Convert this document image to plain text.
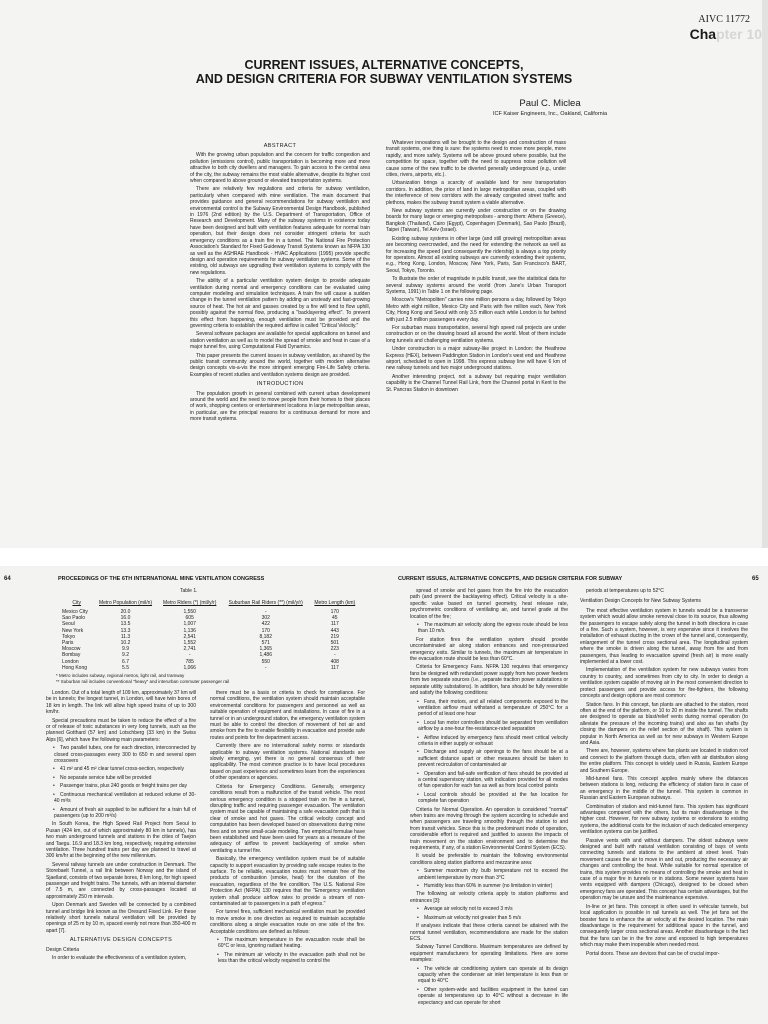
AIVC 11772
Chapter 10
CURRENT ISSUES, ALTERNATIVE CONCEPTS,
AND DESIGN CRITERIA FOR SUBWAY VENTILATION SYSTEMS
Paul C. Miclea
ICF Kaiser Engineers, Inc., Oakland, California
ABSTRACT

With the growing urban population and the concern for traffic congestion and pollution (emissions control), public transportation is becoming more and more attractive to both city dwellers and managers. To gain access to the central area of the city, the subway remains the most viable alternative, despite its higher cost when compared to above ground or elevated transportation systems.

There are relatively few regulations and criteria for subway ventilation, particularly when compared with mine ventilation. The main document that provides guidance and general recommendations for subway ventilation and environmental control is the Subway Environmental Design Handbook, published in 1976 (2nd edition) by the U.S. Department of Transportation, Office of Research and Development. Many of the subway systems in existence today have been designed and built with ventilation features adequate for normal train operation, but their design does not consider stringent criteria for such emergency conditions as a train fire in a tunnel. The National Fire Protection Association's Standard for Fixed Guideway Transit Systems known as NFPA 130 as well as the ASHRAE Handbook - HVAC Applications (1995) provide specific design and operation requirements for subway ventilation systems. Some of the existing, old subways are upgrading their ventilation systems to comply with the new regulations.

The ability of a particular ventilation system design to provide adequate ventilation during normal and emergency conditions can be evaluated using computer modeling and simulation techniques. A train fire will cause a sudden change in the tunnel ventilation pattern by adding an unsteady and fast-growing source of heat. The hot air and gasses created by a fire will tend to flow uphill, possibly against the normal flow, producing a "backlayering effect". To prevent this effect from happening, enough ventilation must be provided and the governing criteria to establish the required airflow is called "Critical Velocity."

Several software packages are available for special applications on tunnel and station ventilation as well as to model the spread of smoke and heat in case of a major tunnel fire, using Computational Fluid Dynamics.

This paper presents the current issues in subway ventilation, as shared by the public transit community around the world, together with modern alternative design concepts vis-a-vis the more stringent emerging Fire-Life Safety criteria. Examples of recent studies and ventilation systems design are provided.

INTRODUCTION

The population growth in general combined with current urban development around the world and the need to move people from their homes to their places of work, shopping centers or entertainment locations in large metropolitan areas, in particular, are the principal reasons for a continuous demand for more and more transit systems.

Whatever innovations will be brought to the design and construction of mass transit systems, one thing is sure: the systems need to move more people, more rapidly, and more safely. Systems will be above ground where possible, but the competition for space, together with the need to suppress noise pollution will cause some of the new traffic to be diverted generally underground (e.g., under cities, rivers, airports, etc.).

Urbanization brings a scarcity of available land for new transportation corridors. In addition, the price of land in large metropolitan areas, coupled with the interference of new corridors with the already congested street traffic and plethora, makes the subway transit system a viable alternative.

New subway systems are currently under construction or on the drawing boards for many large or emerging metropolises - among them: Athens (Greece), Bangkok (Thailand), Cairo (Egypt), Copenhagen (Denmark), Sao Paolo (Brazil), Taipei (Taiwan), Tel Aviv (Israel).

Existing subway systems in other large (and still growing) metropolitan areas are becoming overcrowded, and the need for extending the network as well as for increasing the speed (and consequently the ridership) is always a top priority for operators. Almost all existing subways are currently extending their systems, e.g., Hong Kong, London, Moscow, New York, Paris, San Francisco's BART, Seoul, Tokyo, Toronto.

To illustrate the order of magnitude in public transit, see the statistical data for several subway systems around the world (from Jane's Urban Transport Systems, 1991) in Table 1 on the following page.

Moscow's "Metropoliten" carries nine million persons a day, followed by Tokyo Metro with eight million, Mexico City and Paris with five million each, New York City, Hong Kong and Seoul with only 3.5 million each while London is far behind with just 2.5 million passengers every day.

For suburban mass transportation, several high speed rail projects are under construction or on the drawing board all around the world. Most of them include long tunnels and challenging ventilation systems.

Under construction is a major subway-like project in London: the Heathrow Express (HEX), between Paddington Station in London's west end and Heathrow airport, scheduled to open in 1998. This express subway line will have 6 km of new railway tunnels and two major underground stations.

Another interesting project, not a subway but requiring major ventilation capability is the Channel Tunnel Rail Link, from the Channel portal in Kent to the St. Pancras Station in downtown

64	PROCEEDINGS OF THE 6TH INTERNATIONAL MINE VENTILATION CONGRESS
Table 1.
City	Metro Population (mil/n)	Metro Riders (*) (mil/y/r)	Suburban Rail Riders (**) (mil/y/r)	Metro Length (km)
Mexico City	20.0	1,550	-	170
Sao Paolo	16.0	605	302	45
Seoul	13.5	1,007	422	117
New York	13.3	1,136	170	443
Tokyo	11.3	2,541	8,182	219
Paris	10.2	1,552	571	501
Moscow	9.9	2,741	1,365	223
Bombay	9.2	-	1,486	-
London	6.7	785	550	408
Hong Kong	5.5	1,066	-	117
* Metro includes subway, regional metros, light rail, and tramway
** Suburban rail includes conventional "heavy" and interurban commuter passenger rail

London. Out of a total length of 109 km, approximately 37 km will be in tunnels; the longest tunnel, in London, will have twin bores of 18 km in length. The link will allow high speed trains of up to 300 km/hr.

Special precautions must be taken to reduce the effect of a fire or of release of toxic substances in very long tunnels, such as the planned Gotthard (57 km) and Lotschberg (33 km) in the Swiss Alps [6], which have the following main parameters:

• Two parallel tubes, one for each direction, interconnected by closed cross-passages every 300 to 650 m and several open crossovers

• 41 m² and 45 m² clear tunnel cross-section, respectively

• No separate service tube will be provided

• Passenger trains, plus 240 goods or freight trains per day

• Continuous mechanical ventilation at reduced volume of 30-40 m³/s

• Amount of fresh air supplied to be sufficient for a train full of passengers (up to 200 m³/s)

In South Korea, the High Speed Rail Project from Seoul to Pusan (424 km, out of which approximately 80 km in tunnels), has two main underground tunnels and stations in the cities of Taejon and Taegu. 16.9 and 18.3 km long, respectively, requiring extensive ventilation. Three hundred trains per day are planned to travel at 300 km/hr at the beginning of the new millennium.

Several railway tunnels are under construction in Denmark. The Storebaelt Tunnel, a rail link between Norway and the island of Sjaelland, consists of two separate bores, 8 km long, for high speed passenger and freight trains. The tunnels, with an internal diameter of 7.5 m, are connected by cross-passages located at approximately 250 m intervals.

Upon Denmark and Sweden will be connected by a combined tunnel and bridge link known as the Oresund Fixed Link. For these relatively short tunnels natural ventilation will be provided by openings of 25 m by 10 m, spaced evenly not more than 350-400 m apart [7].

ALTERNATIVE DESIGN CONCEPTS
Design Criteria

In order to evaluate the effectiveness of a ventilation system,

there must be a basis or criteria to check for compliance. For normal conditions, the ventilation system should maintain acceptable environmental conditions for passengers and personnel as well as suitable operation of equipment and installations. In case of fire in a tunnel or in an underground station, the emergency ventilation system must be able to control the direction of movement of hot air and smoke from the fire to enable flexibility in evacuation and provide safe routes and points for fire department access.

Currently there are no international safety norms or standards applicable to subway ventilation systems. National standards are slowly emerging, yet there is no general consensus of their applicability. The most common practice is to have local procedures based on past experience and sometimes learn from the experiences of other operators or agencies.

Criteria for Emergency Conditions. Generally, emergency conditions result from a malfunction of the transit vehicle. The most serious emergency condition is a stopped train on fire in a tunnel, disrupting traffic and requiring passenger evacuation. The ventilation system must be capable of maintaining a safe evacuation path that is clear of smoke and hot gases. The critical velocity concept and computation has been developed based on observations during mine fires and on some small-scale modeling. Two empirical formulae have been established and have been used for years as a measure of the adequacy of airflow to prevent backlayering of smoke when ventilating a tunnel fire.

Basically, the emergency ventilation system must be of suitable capacity to support evacuation by providing safe escape routes to the surface. To be reliable, evacuation routes must remain free of fire products of combustion (smoke, heat) for the duration of the evacuation, regardless of the fire condition. The U.S. National Fire Protection Act (NFPA) 130 requires that the "Emergency ventilation system shall produce airflow rates to provide a stream of non-contaminated air to passengers in a path of egress."

For tunnel fires, sufficient mechanical ventilation must be provided to move smoke in one direction as required to maintain acceptable conditions along a single evacuation route on one side of the fire. Acceptable conditions are defined as follows:

• The maximum temperature in the evacuation route shall be 60°C or less, ignoring radiant heating.

• The minimum air velocity in the evacuation path shall not be less than the critical velocity required to control the

CURRENT ISSUES, ALTERNATIVE CONCEPTS, AND DESIGN CRITERIA FOR SUBWAY	65

spread of smoke and hot gases from the fire into the evacuation path (and prevent the backlayering effect). Critical velocity is a site-specific value based on tunnel geometry, heat release rate, psychrometric conditions of ventilating air, and tunnel grade at the location of the fire;

• The maximum air velocity along the egress route should be less than 10 m/s.

For station fires the ventilation system should provide uncontaminated air along station entrances and non-pressurized emergency exits. Similar to tunnels, the maximum air temperature in the evacuation route should be less than 60°C.

Criteria for Emergency Fans. NFPA 130 requires that emergency fans be designed with redundant power supply from two power feeders from two separate sources (i.e., separate traction power substations or separate utility substations). In addition, fans should be fully reversible and satisfy the following conditions:

• Fans, their motors, and all related components exposed to the ventilation airflow must withstand a temperature of 250°C for a period of at least one hour

• Local fan motor controllers should be separated from ventilation airflow by a one-hour fire-resistance-rated separation

• Airflow induced by emergency fans should meet critical velocity criteria in either supply or exhaust

• Discharge and supply air openings to the fans should be at a sufficient distance apart or other measures should be taken to prevent recirculation of contaminated air

• Operation and fail-safe verification of fans should be provided at a central supervisory station, with indication provided for all modes of fan operation for each fan as well as from local control points

• Local controls should be provided at the fan location for complete fan operation

Criteria for Normal Operation. An operation is considered "normal" when trains are moving through the system according to schedule and when passengers are traveling smoothly through the station to and from transit vehicles. Since this is the predominant mode of operation, considerable effort is required and justified to assess the impacts of train movement on the station environment and to determine the requirements, if any, of a station Environmental Control System (ECS).

It would be preferable to maintain the following environmental conditions along station platforms and mezzanine area:

• Summer maximum dry bulb temperature not to exceed the ambient temperature by more than 3°C

• Humidity less than 60% in summer (no limitation in winter)

The following air velocity criteria apply to station platforms and entrances [3]:

• Average air velocity not to exceed 3 m/s

• Maximum air velocity not greater than 5 m/s

If analyses indicate that these criteria cannot be attained with the normal tunnel ventilation, recommendations are made for the station ECS.

Subway Tunnel Conditions. Maximum temperatures are defined by equipment manufacturers for operating limitations. Here are some examples:

• The vehicle air conditioning system can operate at its design capacity when the condenser air inlet temperature is less than or equal to 40°C

• Other system-wide and facilities equipment in the tunnel can operate at temperatures up to 40°C without a decrease in life expectancy and can operate for short

periods at temperatures up to 52°C

Ventilation Design Concepts for New Subway Systems

The most effective ventilation system in tunnels would be a transverse system which would allow smoke removal close to its source, thus allowing the passengers to escape safely along the tunnel in both directions in case of a fire. Such a system, however, is very expensive since it involves the installation of exhaust ducting in the crown of the tunnel and, consequently, enlargement of the tunnel cross sectional area. The longitudinal system where the smoke is driven along the tunnel, away from fire and from passengers, thus leading to evacuation upwind (fresh air) is more easily implemented at a lower cost.

Implementation of the ventilation system for new subways varies from country to country, and sometimes from city to city. In order to design a ventilation system capable of moving air in the most convenient direction to protect passengers and provide access for fire-fighters, the following concepts and design options are most common:

Station fans. In this concept, fan plants are attached to the station, most often at the end of the platform, or 10 to 20 m inside the tunnel. The shafts are designed to operate as blast/relief vents during normal operation (to alleviate the pressure of the incoming trains) and also as fan shafts (by closing the dampers on the relief section of the shaft). This system is popular in North America as well as for new subways in Western Europe and Asia.

There are, however, systems where fan plants are located in station roof and connect to the platform through ducts, often with air distribution along the entire platform. This concept is widely used in Russia, Eastern Europe and Southern Europe.

Mid-tunnel fans. This concept applies mainly where the distances between stations is long, reducing the efficiency of station fans in case of an emergency in the middle of the tunnel. This system is common in Russian and Eastern European subways.

Combination of station and mid-tunnel fans. This system has significant advantages compared with the others, but its main disadvantage is the higher cost. However, for new subway systems or extensions to existing systems, the additional costs for the inclusion of such dedicated emergency ventilation systems can be justified.

Passive vents with and without dampers. The oldest subways were designed and built with natural ventilation consisting of bays of vents connecting tunnels and stations to the ambient at street level. Train movement causes the air to move in and out, producing the necessary air changes and controlling the heat. While suitable for normal operation of trains, this system provides no means of controlling the smoke and heat in case of a major fire in tunnels or in stations. Some newer systems have vents equipped with dampers (Chicago), designed to be closed when emergency fans are operated. This concept has certain advantages, but the operation may be unsure and the maintenance expensive.

In-line or jet fans. This concept is often used in vehicular tunnels, but local application is possible in rail tunnels as well. The jet fans set the booster fans to enhance the air velocity at the desired location. The main disadvantage is the requirement for additional space in the tunnel, and consequently larger cross sectional areas. Another disadvantage is the fact that the fans can be in the fire zone and exposed to high temperatures which may make them inoperable when needed most.

Portal doors. These are devices that can be of crucial impor-
